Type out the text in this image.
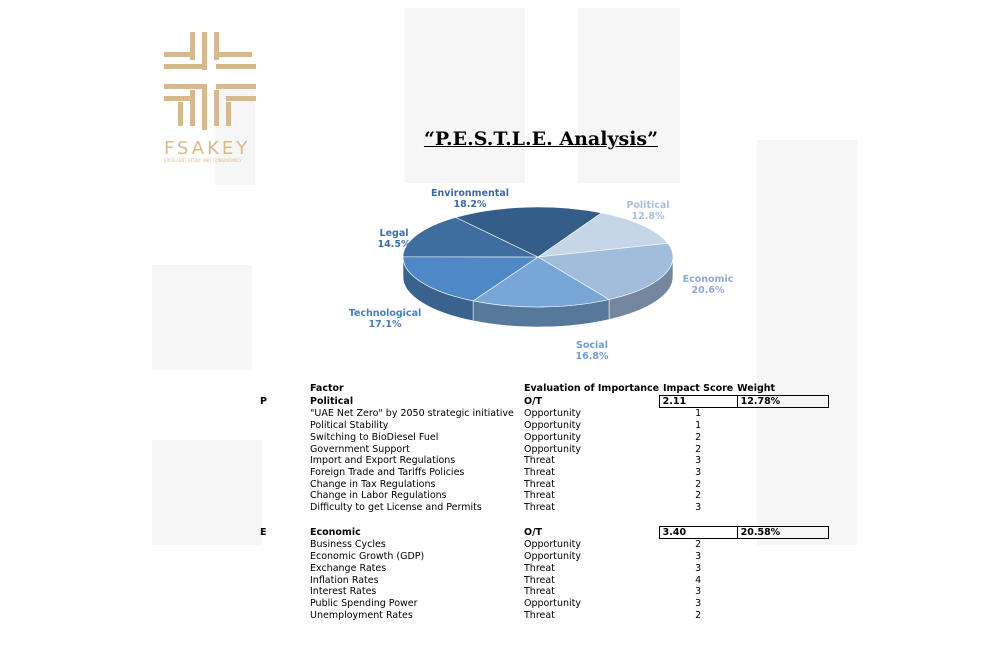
FSAKEY
EXCELLENT STUDY AND CONSULTANCY
“P.E.S.T.L.E. Analysis”
Political
12.8%
Economic
20.6%
Social
16.8%
Technological
17.1%
Legal
14.5%
Environmental
18.2%
	Factor	Evaluation of Importance	Impact Score	Weight
P	Political	O/T	2.11	12.78%
	"UAE Net Zero" by 2050 strategic initiative	Opportunity	1	
	Political Stability	Opportunity	1	
	Switching to BioDiesel Fuel	Opportunity	2	
	Government Support	Opportunity	2	
	Import and Export Regulations	Threat	3	
	Foreign Trade and Tariffs Policies	Threat	3	
	Change in Tax Regulations	Threat	2	
	Change in Labor Regulations	Threat	2	
	Difficulty to get License and Permits	Threat	3	

E	Economic	O/T	3.40	20.58%
	Business Cycles	Opportunity	2	
	Economic Growth (GDP)	Opportunity	3	
	Exchange Rates	Threat	3	
	Inflation Rates	Threat	4	
	Interest Rates	Threat	3	
	Public Spending Power	Opportunity	3	
	Unemployment Rates	Threat	2	
